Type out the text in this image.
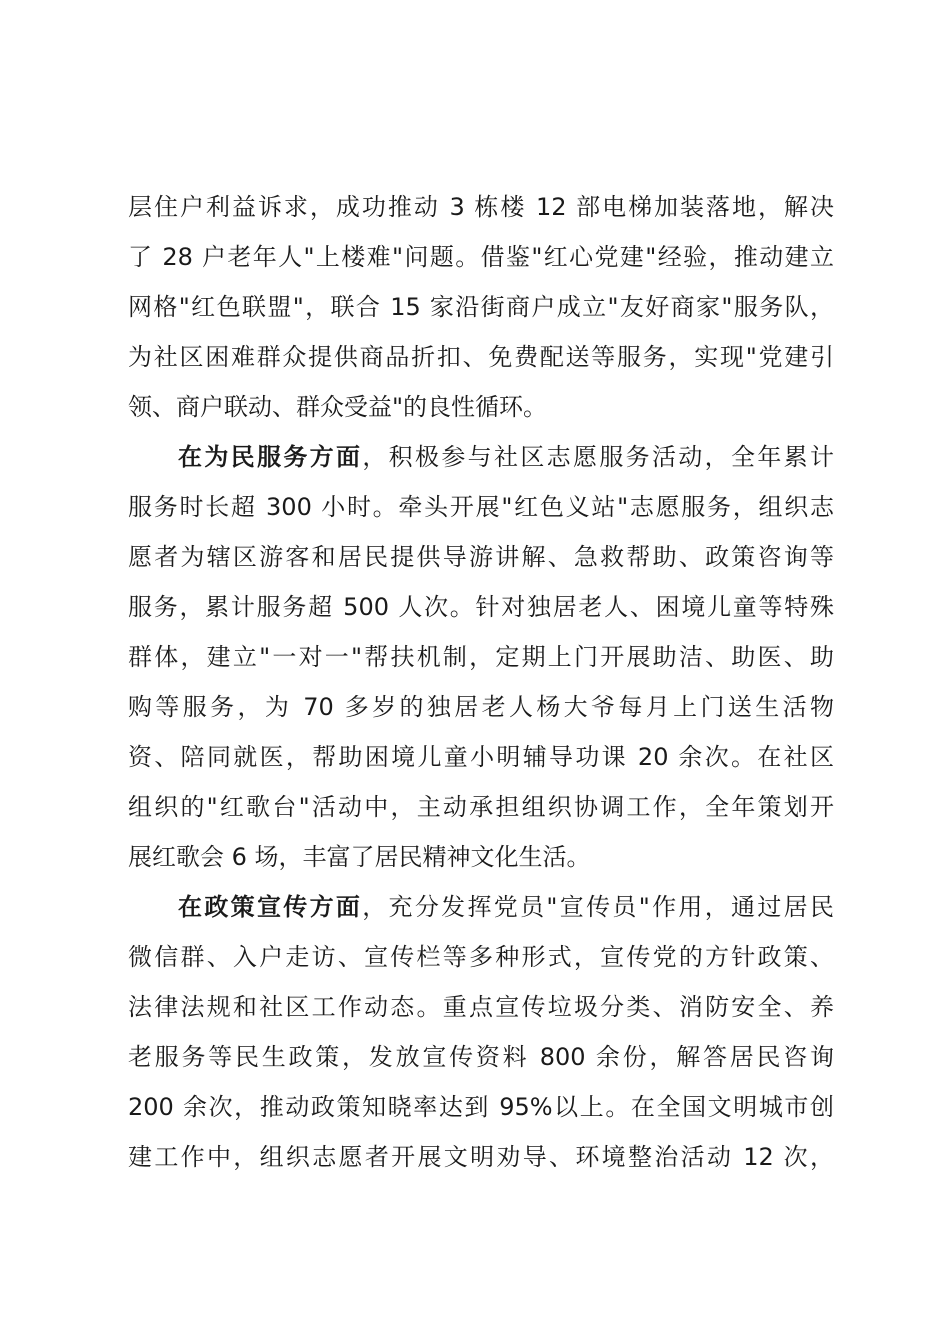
层住户利益诉求，成功推动 3 栋楼 12 部电梯加装落地，解决
了 28 户老年人"上楼难"问题。借鉴"红心党建"经验，推动建立
网格"红色联盟"，联合 15 家沿街商户成立"友好商家"服务队，
为社区困难群众提供商品折扣、免费配送等服务，实现"党建引
领、商户联动、群众受益"的良性循环。
在为民服务方面，积极参与社区志愿服务活动，全年累计
服务时长超 300 小时。牵头开展"红色义站"志愿服务，组织志
愿者为辖区游客和居民提供导游讲解、急救帮助、政策咨询等
服务，累计服务超 500 人次。针对独居老人、困境儿童等特殊
群体，建立"一对一"帮扶机制，定期上门开展助洁、助医、助
购等服务，为 70 多岁的独居老人杨大爷每月上门送生活物
资、陪同就医，帮助困境儿童小明辅导功课 20 余次。在社区
组织的"红歌台"活动中，主动承担组织协调工作，全年策划开
展红歌会 6 场，丰富了居民精神文化生活。
在政策宣传方面，充分发挥党员"宣传员"作用，通过居民
微信群、入户走访、宣传栏等多种形式，宣传党的方针政策、
法律法规和社区工作动态。重点宣传垃圾分类、消防安全、养
老服务等民生政策，发放宣传资料 800 余份，解答居民咨询
200 余次，推动政策知晓率达到 95%以上。在全国文明城市创
建工作中，组织志愿者开展文明劝导、环境整治活动 12 次，
